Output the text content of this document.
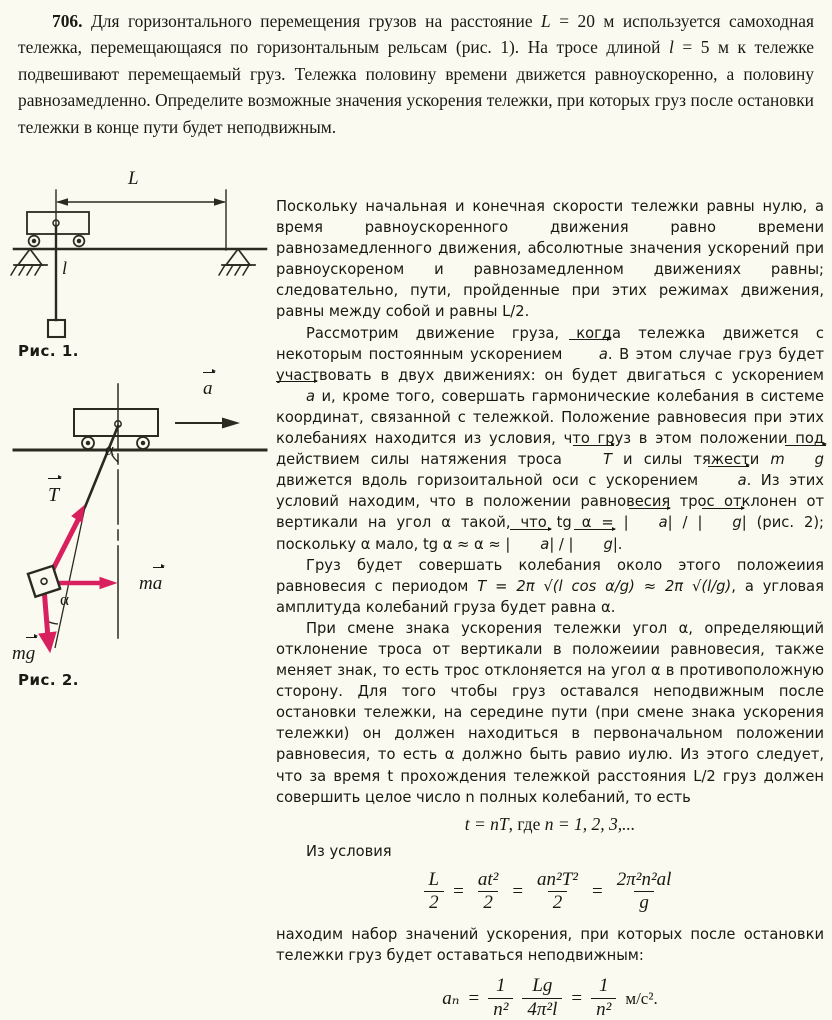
706. Для горизонтального перемещения грузов на расстояние L = 20 м используется самоходная тележка, перемещающаяся по горизонтальным рельсам (рис. 1). На тросе длиной l = 5 м к тележке подвешивают перемещаемый груз. Тележка половину времени движется равноускоренно, а половину равнозамедленно. Определите возможные значения ускорения тележки, при которых груз после остановки тележки в конце пути будет неподвижным.
L
l
Рис. 1.
a
T
ma
mg
α
α
Рис. 2.

Поскольку начальная и конечная скорости тележки равны нулю, а время равноускоренного движения равно времени равнозамедленного движения, абсолютные значения ускорений при равноускореном и равнозамедленном движениях равны; следовательно, пути, пройденные при этих режимах движения, равны между собой и равны L/2.

Рассмотрим движение груза, когда тележка движется с некоторым постоянным ускорением a. В этом случае груз будет участвовать в двух движениях: он будет двигаться с ускорением a и, кроме того, совершать гармонические колебания в системе координат, связанной с тележкой. Положение равновесия при этих колебаниях находится из условия, что груз в этом положении под действием силы натяжения троса T и силы тяжести m g движется вдоль горизоитальной оси с ускорением a. Из этих условий находим, что в положении равновесия трос отклонен от вертикали на угол α такой, что tg α = | a| / | g| (рис. 2); поскольку α мало, tg α ≈ α ≈ | a| / | g|.

Груз будет совершать колебания около этого положеиия равновесия с периодом T = 2π √(l cos α/g) ≈ 2π √(l/g), а угловая амплитуда колебаний груза будет равна α.

При смене знака ускорения тележки угол α, определяющий отклонение троса от вертикали в положеиии равновесия, также меняет знак, то есть трос отклоняется на угол α в противоположную сторону. Для того чтобы груз оставался неподвижным после остановки тележки, на середине пути (при смене знака ускорения тележки) он должен находиться в первоначальном положении равновесия, то есть α должно быть равио иулю. Из этого следует, что за время t прохождения тележкой расстояния L/2 груз должен совершить целое число n полных колебаний, то есть

t = nT, где n = 1, 2, 3,...

Из условия

$\frac{L}{2} = \frac{\text{at²}}{2} = \frac{\text{an²T²}}{2} = \frac{\text{2π²n²al}}{g}$

находим набор значений ускорения, при которых после остановки тележки груз будет оставаться неподвижным:

$a_n = \frac{1}{\text{n²}} \frac{Lg}{\text{4π²l}} = \frac{1}{\text{n²}} м/с^2$.
